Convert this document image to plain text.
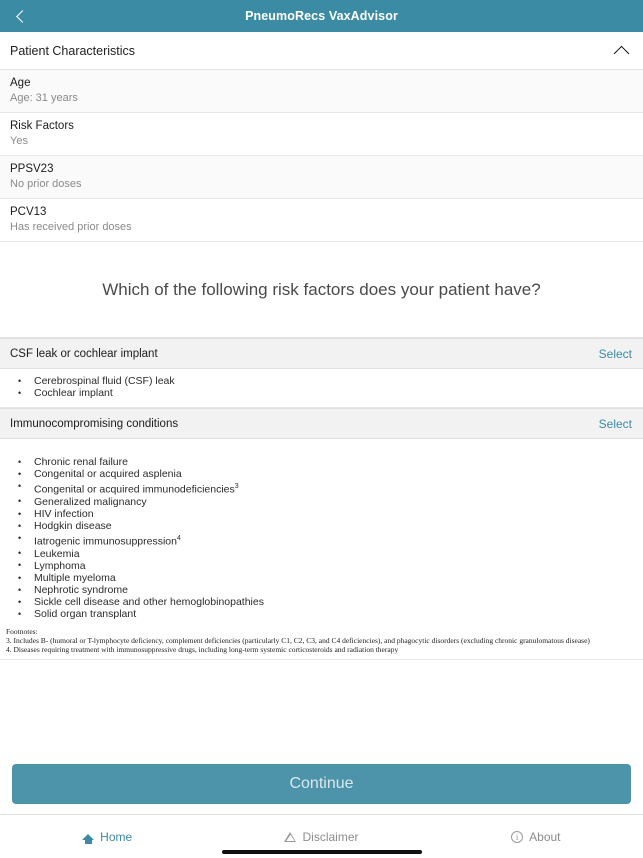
PneumoRecs VaxAdvisor
Patient Characteristics
Age
Age: 31 years
Risk Factors
Yes
PPSV23
No prior doses
PCV13
Has received prior doses
Which of the following risk factors does your patient have?
CSF leak or cochlear implant	Select
• Cerebrospinal fluid (CSF) leak
• Cochlear implant
Immunocompromising conditions	Select
• Chronic renal failure
• Congenital or acquired asplenia
• Congenital or acquired immunodeficiencies$^3$
• Generalized malignancy
• HIV infection
• Hodgkin disease
• Iatrogenic immunosuppression$^4$
• Leukemia
• Lymphoma
• Multiple myeloma
• Nephrotic syndrome
• Sickle cell disease and other hemoglobinopathies
• Solid organ transplant
Footnotes:
3. Includes B- (humoral or T-lymphocyte deficiency, complement deficiencies (particularly C1, C2, C3, and C4 deficiencies), and phagocytic disorders (excluding chronic granulomatous disease)
4. Diseases requiring treatment with immunosuppressive drugs, including long-term systemic corticosteroids and radiation therapy
Continue
Home	Disclaimer	i About
